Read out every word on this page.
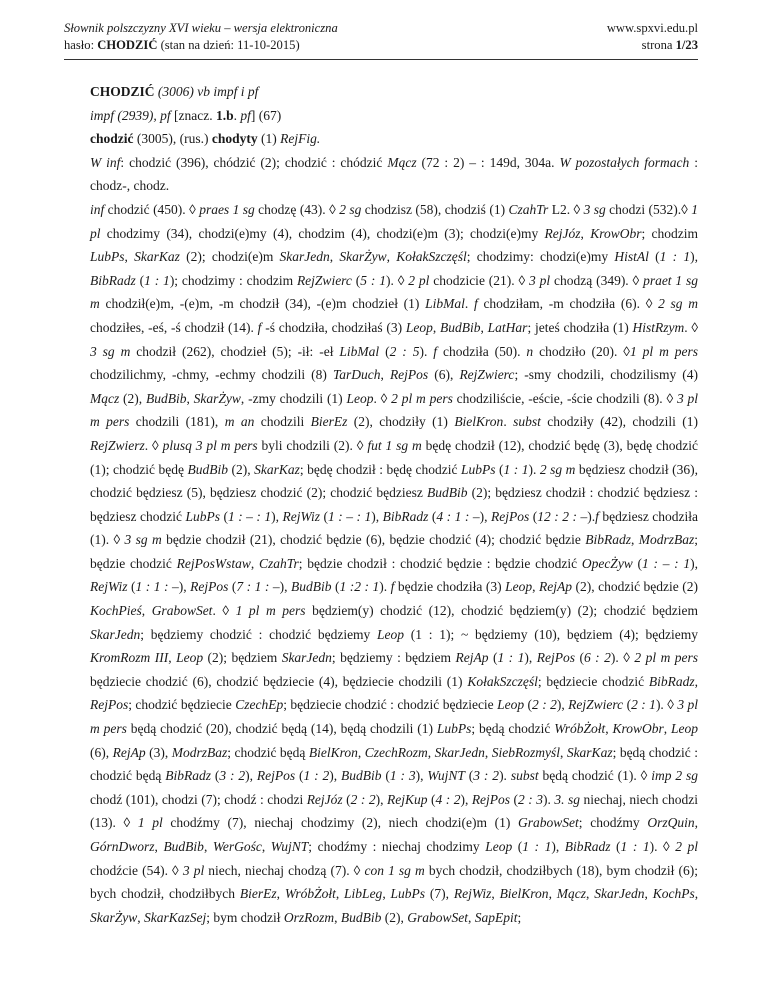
Słownik polszczyzny XVI wieku – wersja elektroniczna
hasło: CHODZIĆ (stan na dzień: 11-10-2015)
www.spxvi.edu.pl
strona 1/23

CHODZIĆ (3006) vb impf i pf

impf (2939), pf [znacz. 1.b. pf] (67)

chodzić (3005), (rus.) chodyty (1) RejFig.

W inf: chodzić (396), chódzić (2); chodzić : chódzić Mącz (72 : 2) – : 149d, 304a. W pozostałych formach : chodz-, chodz.

inf chodzić (450). ◊ praes 1 sg chodzę (43). ◊ 2 sg chodzisz (58), chodziś (1) CzahTr L2. ◊ 3 sg chodzi (532).◊ 1 pl chodzimy (34), chodzi(e)my (4), chodzim (4), chodzi(e)m (3); chodzi(e)my RejJóz, KrowObr; chodzim LubPs, SkarKaz (2); chodzi(e)m SkarJedn, SkarŻyw, KołakSzczęśl; chodzimy: chodzi(e)my HistAl (1 : 1), BibRadz (1 : 1); chodzimy : chodzim RejZwierc (5 : 1). ◊ 2 pl chodzicie (21). ◊ 3 pl chodzą (349). ◊ praet 1 sg m chodził(e)m, -(e)m, -m chodził (34), -(e)m chodzieł (1) LibMal. f chodziłam, -m chodziła (6). ◊ 2 sg m chodziłes, -eś, -ś chodził (14). f -ś chodziła, chodziłaś (3) Leop, BudBib, LatHar; jeteś chodziła (1) HistRzym. ◊ 3 sg m chodził (262), chodzieł (5); -ił: -eł LibMal (2 : 5). f chodziła (50). n chodziło (20). ◊1 pl m pers chodzilichmy, -chmy, -echmy chodzili (8) TarDuch, RejPos (6), RejZwierc; -smy chodzili, chodzilismy (4) Mącz (2), BudBib, SkarŻyw, -zmy chodzili (1) Leop. ◊ 2 pl m pers chodziliście, -eście, -ście chodzili (8). ◊ 3 pl m pers chodzili (181), m an chodzili BierEz (2), chodziły (1) BielKron. subst chodziły (42), chodzili (1) RejZwierz. ◊ plusq 3 pl m pers byli chodzili (2). ◊ fut 1 sg m będę chodził (12), chodzić będę (3), będę chodzić (1); chodzić będę BudBib (2), SkarKaz; będę chodził : będę chodzić LubPs (1 : 1). 2 sg m będziesz chodził (36), chodzić będziesz (5), będziesz chodzić (2); chodzić będziesz BudBib (2); będziesz chodził : chodzić będziesz : będziesz chodzić LubPs (1 : – : 1), RejWiz (1 : – : 1), BibRadz (4 : 1 : –), RejPos (12 : 2 : –).f będziesz chodziła (1). ◊ 3 sg m będzie chodził (21), chodzić będzie (6), będzie chodzić (4); chodzić będzie BibRadz, ModrzBaz; będzie chodzić RejPosWstaw, CzahTr; będzie chodził : chodzić będzie : będzie chodzić OpecŻyw (1 : – : 1), RejWiz (1 : 1 : –), RejPos (7 : 1 : –), BudBib (1 :2 : 1). f będzie chodziła (3) Leop, RejAp (2), chodzić będzie (2) KochPieś, GrabowSet. ◊ 1 pl m pers będziem(y) chodzić (12), chodzić będziem(y) (2); chodzić będziem SkarJedn; będziemy chodzić : chodzić będziemy Leop (1 : 1); ~ będziemy (10), będziem (4); będziemy KromRozm III, Leop (2); będziem SkarJedn; będziemy : będziem RejAp (1 : 1), RejPos (6 : 2). ◊ 2 pl m pers będziecie chodzić (6), chodzić będziecie (4), będziecie chodzili (1) KołakSzczęśl; będziecie chodzić BibRadz, RejPos; chodzić będziecie CzechEp; będziecie chodzić : chodzić będziecie Leop (2 : 2), RejZwierc (2 : 1). ◊ 3 pl m pers będą chodzić (20), chodzić będą (14), będą chodzili (1) LubPs; będą chodzić WróbŻołt, KrowObr, Leop (6), RejAp (3), ModrzBaz; chodzić będą BielKron, CzechRozm, SkarJedn, SiebRozmyśl, SkarKaz; będą chodzić : chodzić będą BibRadz (3 : 2), RejPos (1 : 2), BudBib (1 : 3), WujNT (3 : 2). subst będą chodzić (1). ◊ imp 2 sg chodź (101), chodzi (7); chodź : chodzi RejJóz (2 : 2), RejKup (4 : 2), RejPos (2 : 3). 3. sg niechaj, niech chodzi (13). ◊ 1 pl chodźmy (7), niechaj chodzimy (2), niech chodzi(e)m (1) GrabowSet; chodźmy OrzQuin, GórnDworz, BudBib, WerGośc, WujNT; chodźmy : niechaj chodzimy Leop (1 : 1), BibRadz (1 : 1). ◊ 2 pl chodźcie (54). ◊ 3 pl niech, niechaj chodzą (7). ◊ con 1 sg m bych chodził, chodziłbych (18), bym chodził (6); bych chodził, chodziłbych BierEz, WróbŻołt, LibLeg, LubPs (7), RejWiz, BielKron, Mącz, SkarJedn, KochPs, SkarŻyw, SkarKazSej; bym chodził OrzRozm, BudBib (2), GrabowSet, SapEpit;
